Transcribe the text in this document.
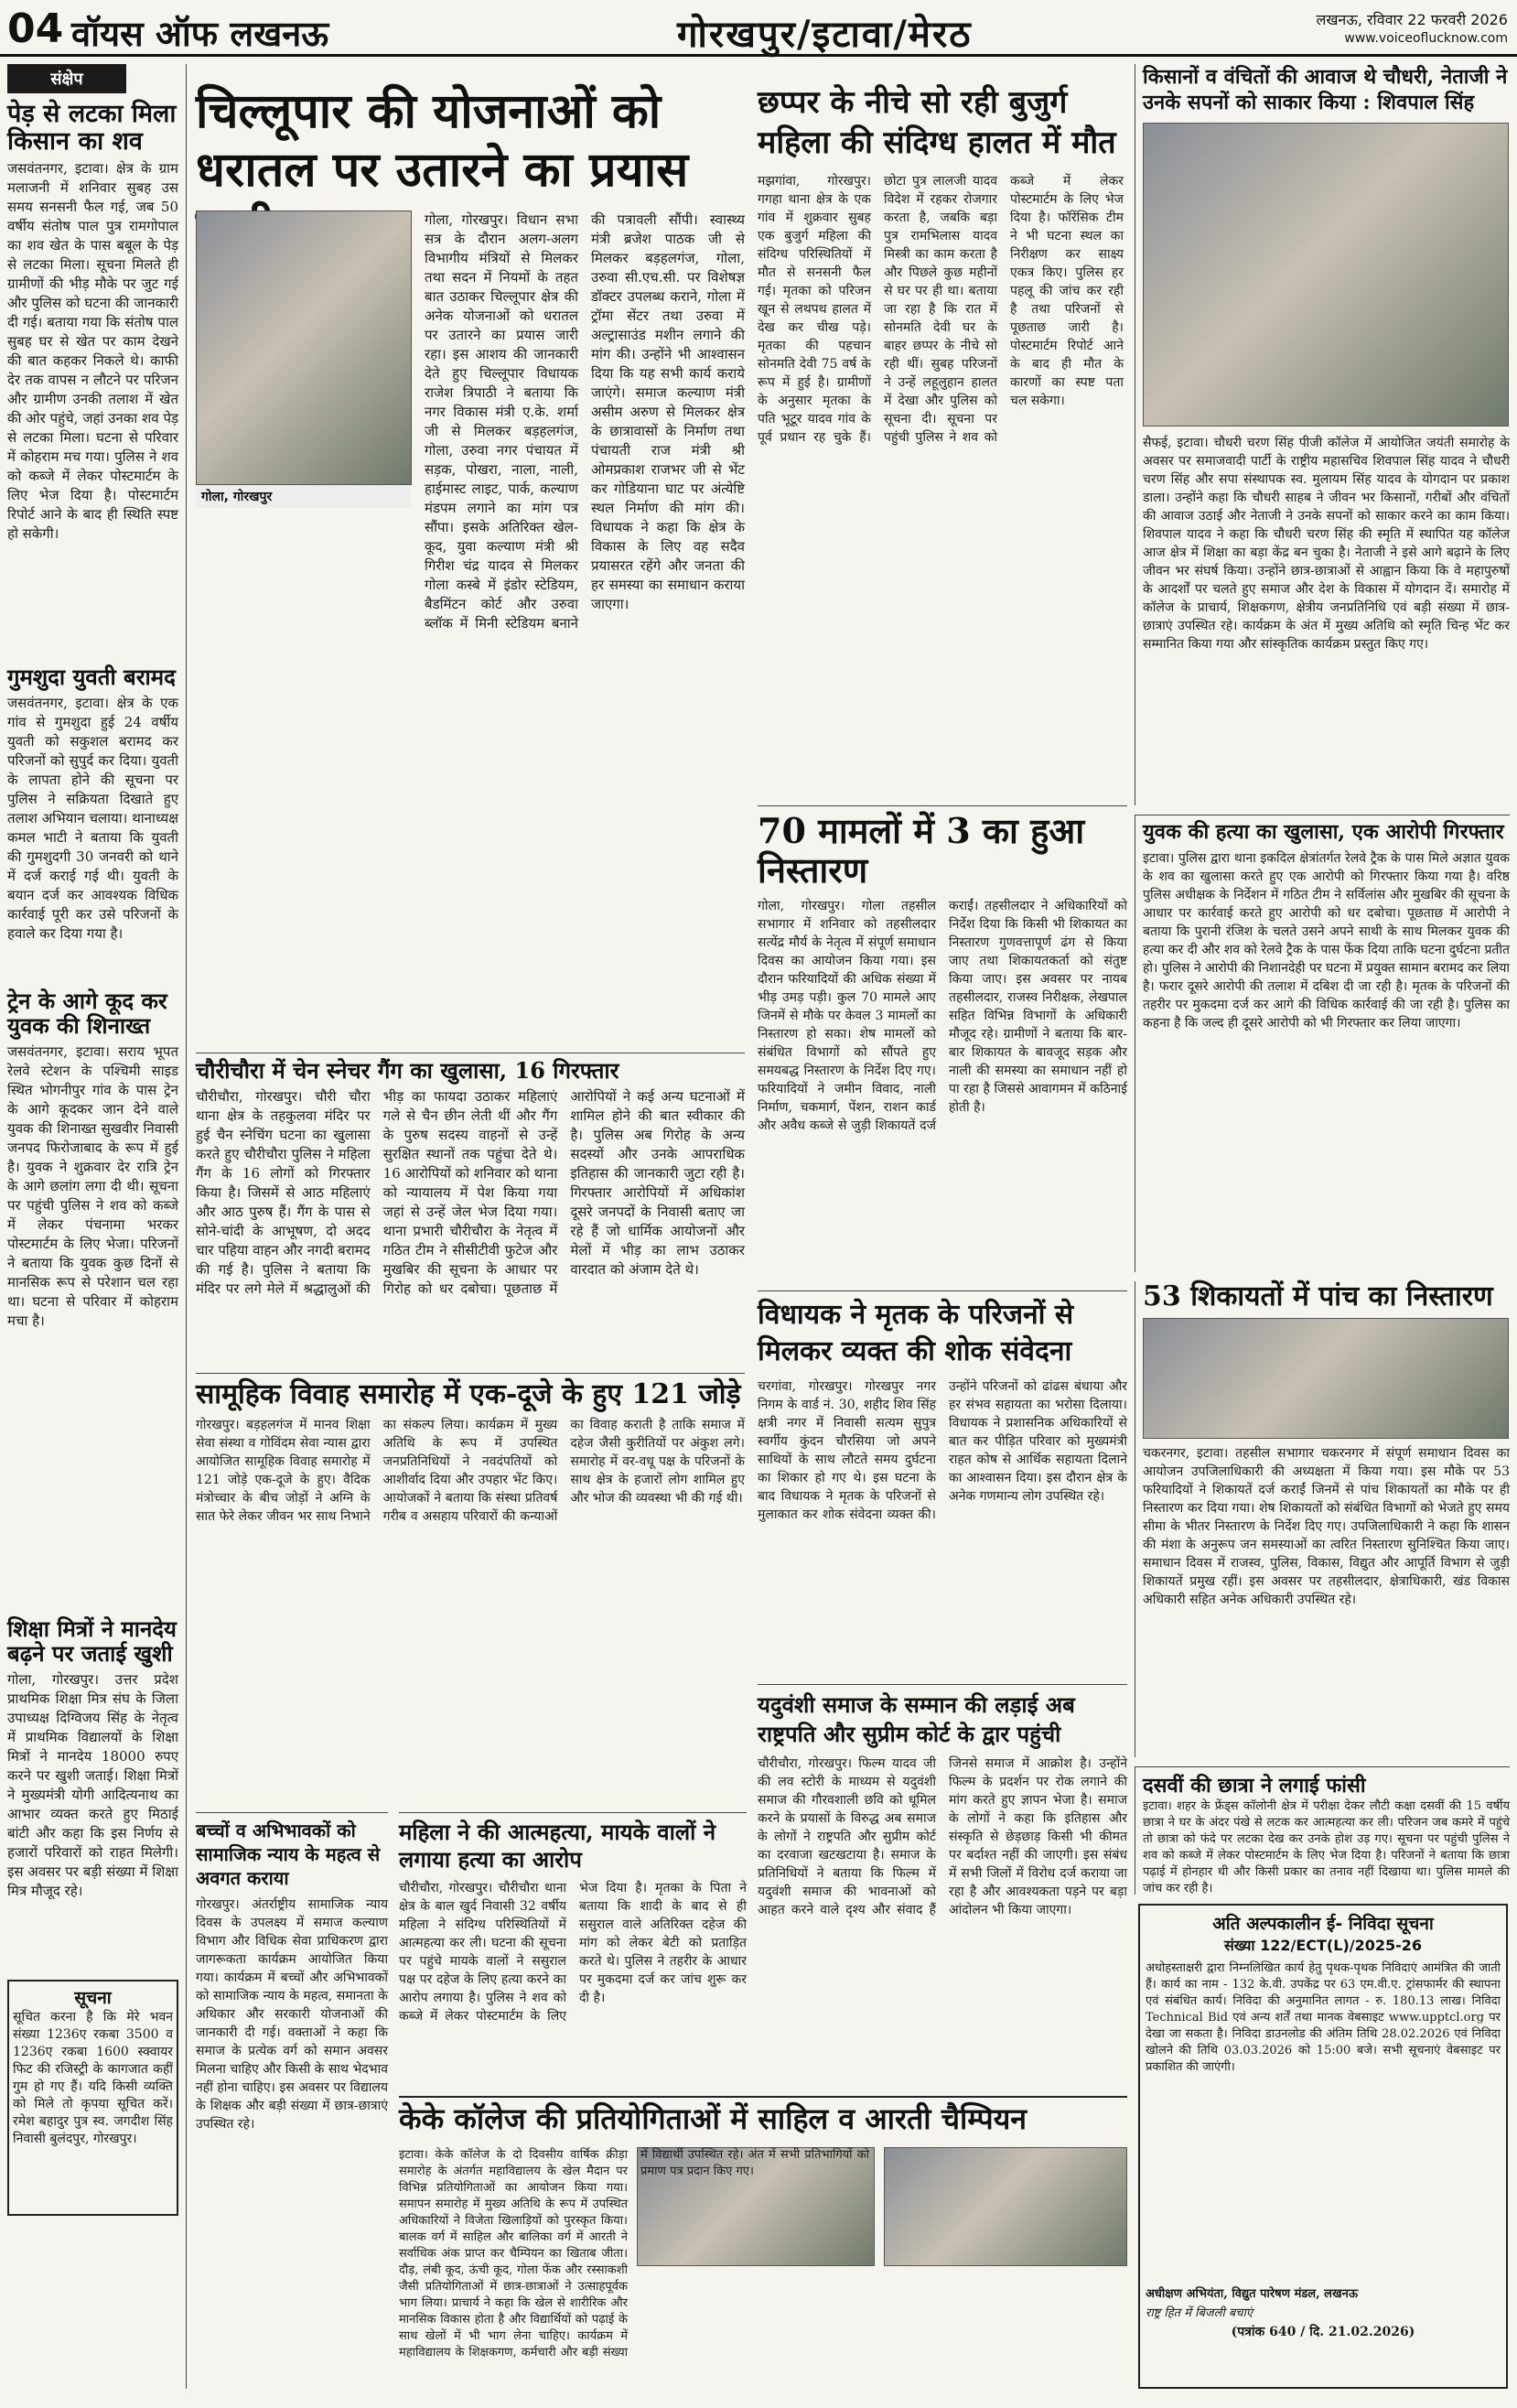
04 वॉयस ऑफ लखनऊ	गोरखपुर/इटावा/मेरठ	लखनऊ, रविवार 22 फरवरी 2026
www.voiceoflucknow.com
संक्षेप
पेड़ से लटका मिला किसान का शव
जसवंतनगर, इटावा। क्षेत्र के ग्राम मलाजनी में शनिवार सुबह उस समय सनसनी फैल गई, जब 50 वर्षीय संतोष पाल पुत्र रामगोपाल का शव खेत के पास बबूल के पेड़ से लटका मिला। सूचना मिलते ही ग्रामीणों की भीड़ मौके पर जुट गई और पुलिस को घटना की जानकारी दी गई। बताया गया कि संतोष पाल सुबह घर से खेत पर काम देखने की बात कहकर निकले थे। काफी देर तक वापस न लौटने पर परिजन और ग्रामीण उनकी तलाश में खेत की ओर पहुंचे, जहां उनका शव पेड़ से लटका मिला। घटना से परिवार में कोहराम मच गया। पुलिस ने शव को कब्जे में लेकर पोस्टमार्टम के लिए भेज दिया है। पोस्टमार्टम रिपोर्ट आने के बाद ही स्थिति स्पष्ट हो सकेगी।
गुमशुदा युवती बरामद
जसवंतनगर, इटावा। क्षेत्र के एक गांव से गुमशुदा हुई 24 वर्षीय युवती को सकुशल बरामद कर परिजनों को सुपुर्द कर दिया। युवती के लापता होने की सूचना पर पुलिस ने सक्रियता दिखाते हुए तलाश अभियान चलाया। थानाध्यक्ष कमल भाटी ने बताया कि युवती की गुमशुदगी 30 जनवरी को थाने में दर्ज कराई गई थी। युवती के बयान दर्ज कर आवश्यक विधिक कार्रवाई पूरी कर उसे परिजनों के हवाले कर दिया गया है।
ट्रेन के आगे कूद कर युवक की शिनाख्त
जसवंतनगर, इटावा। सराय भूपत रेलवे स्टेशन के पश्चिमी साइड स्थित भोगनीपुर गांव के पास ट्रेन के आगे कूदकर जान देने वाले युवक की शिनाख्त सुखवीर निवासी जनपद फिरोजाबाद के रूप में हुई है। युवक ने शुक्रवार देर रात्रि ट्रेन के आगे छलांग लगा दी थी। सूचना पर पहुंची पुलिस ने शव को कब्जे में लेकर पंचनामा भरकर पोस्टमार्टम के लिए भेजा। परिजनों ने बताया कि युवक कुछ दिनों से मानसिक रूप से परेशान चल रहा था। घटना से परिवार में कोहराम मचा है।
शिक्षा मित्रों ने मानदेय बढ़ने पर जताई खुशी
गोला, गोरखपुर। उत्तर प्रदेश प्राथमिक शिक्षा मित्र संघ के जिला उपाध्यक्ष दिग्विजय सिंह के नेतृत्व में प्राथमिक विद्यालयों के शिक्षा मित्रों ने मानदेय 18000 रुपए करने पर खुशी जताई। शिक्षा मित्रों ने मुख्यमंत्री योगी आदित्यनाथ का आभार व्यक्त करते हुए मिठाई बांटी और कहा कि इस निर्णय से हजारों परिवारों को राहत मिलेगी। इस अवसर पर बड़ी संख्या में शिक्षा मित्र मौजूद रहे।
सूचना
सूचित करना है कि मेरे भवन संख्या 1236ए रकबा 3500 व 1236ए रकबा 1600 स्क्वायर फिट की रजिस्ट्री के कागजात कहीं गुम हो गए हैं। यदि किसी व्यक्ति को मिले तो कृपया सूचित करें। रमेश बहादुर पुत्र स्व. जगदीश सिंह निवासी बुलंदपुर, गोरखपुर।
चिल्लूपार की योजनाओं को धरातल पर उतारने का प्रयास
गोला, गोरखपुर
गोला, गोरखपुर। विधान सभा सत्र के दौरान अलग-अलग विभागीय मंत्रियों से मिलकर तथा सदन में नियमों के तहत बात उठाकर चिल्लूपार क्षेत्र की अनेक योजनाओं को धरातल पर उतारने का प्रयास जारी रहा। इस आशय की जानकारी देते हुए चिल्लूपार विधायक राजेश त्रिपाठी ने बताया कि नगर विकास मंत्री ए.के. शर्मा जी से मिलकर बड़हलगंज, गोला, उरुवा नगर पंचायत में सड़क, पोखरा, नाला, नाली, हाईमास्ट लाइट, पार्क, कल्याण मंडपम लगाने का मांग पत्र सौंपा। इसके अतिरिक्त खेल-कूद, युवा कल्याण मंत्री श्री गिरीश चंद्र यादव से मिलकर गोला कस्बे में इंडोर स्टेडियम, बैडमिंटन कोर्ट और उरुवा ब्लॉक में मिनी स्टेडियम बनाने की पत्रावली सौंपी। स्वास्थ्य मंत्री ब्रजेश पाठक जी से मिलकर बड़हलगंज, गोला, उरुवा सी.एच.सी. पर विशेषज्ञ डॉक्टर उपलब्ध कराने, गोला में ट्रॉमा सेंटर तथा उरुवा में अल्ट्रासाउंड मशीन लगाने की मांग की। उन्होंने भी आश्वासन दिया कि यह सभी कार्य कराये जाएंगे। समाज कल्याण मंत्री असीम अरुण से मिलकर क्षेत्र के छात्रावासों के निर्माण तथा पंचायती राज मंत्री श्री ओमप्रकाश राजभर जी से भेंट कर गोडियाना घाट पर अंत्येष्टि स्थल निर्माण की मांग की। विधायक ने कहा कि क्षेत्र के विकास के लिए वह सदैव प्रयासरत रहेंगे और जनता की हर समस्या का समाधान कराया जाएगा।
चौरीचौरा में चेन स्नेचर गैंग का खुलासा, 16 गिरफ्तार
चौरीचौरा, गोरखपुर। चौरी चौरा थाना क्षेत्र के तहकुलवा मंदिर पर हुई चैन स्नेचिंग घटना का खुलासा करते हुए चौरीचौरा पुलिस ने महिला गैंग के 16 लोगों को गिरफ्तार किया है। जिसमें से आठ महिलाएं और आठ पुरुष हैं। गैंग के पास से सोने-चांदी के आभूषण, दो अदद चार पहिया वाहन और नगदी बरामद की गई है। पुलिस ने बताया कि मंदिर पर लगे मेले में श्रद्धालुओं की भीड़ का फायदा उठाकर महिलाएं गले से चैन छीन लेती थीं और गैंग के पुरुष सदस्य वाहनों से उन्हें सुरक्षित स्थानों तक पहुंचा देते थे। 16 आरोपियों को शनिवार को थाना को न्यायालय में पेश किया गया जहां से उन्हें जेल भेज दिया गया। थाना प्रभारी चौरीचौरा के नेतृत्व में गठित टीम ने सीसीटीवी फुटेज और मुखबिर की सूचना के आधार पर गिरोह को धर दबोचा। पूछताछ में आरोपियों ने कई अन्य घटनाओं में शामिल होने की बात स्वीकार की है। पुलिस अब गिरोह के अन्य सदस्यों और उनके आपराधिक इतिहास की जानकारी जुटा रही है। गिरफ्तार आरोपियों में अधिकांश दूसरे जनपदों के निवासी बताए जा रहे हैं जो धार्मिक आयोजनों और मेलों में भीड़ का लाभ उठाकर वारदात को अंजाम देते थे।
छप्पर के नीचे सो रही बुजुर्ग महिला की संदिग्ध हालत में मौत
मझगांवा, गोरखपुर। गगहा थाना क्षेत्र के एक गांव में शुक्रवार सुबह एक बुजुर्ग महिला की संदिग्ध परिस्थितियों में मौत से सनसनी फैल गई। मृतका को परिजन खून से लथपथ हालत में देख कर चीख पड़े। मृतका की पहचान सोनमति देवी 75 वर्ष के रूप में हुई है। ग्रामीणों के अनुसार मृतका के पति भूटूर यादव गांव के पूर्व प्रधान रह चुके हैं। छोटा पुत्र लालजी यादव विदेश में रहकर रोजगार करता है, जबकि बड़ा पुत्र रामभिलास यादव मिस्त्री का काम करता है और पिछले कुछ महीनों से घर पर ही था। बताया जा रहा है कि रात में सोनमति देवी घर के बाहर छप्पर के नीचे सो रही थीं। सुबह परिजनों ने उन्हें लहूलुहान हालत में देखा और पुलिस को सूचना दी। सूचना पर पहुंची पुलिस ने शव को कब्जे में लेकर पोस्टमार्टम के लिए भेज दिया है। फॉरेंसिक टीम ने भी घटना स्थल का निरीक्षण कर साक्ष्य एकत्र किए। पुलिस हर पहलू की जांच कर रही है तथा परिजनों से पूछताछ जारी है। पोस्टमार्टम रिपोर्ट आने के बाद ही मौत के कारणों का स्पष्ट पता चल सकेगा।
किसानों व वंचितों की आवाज थे चौधरी, नेताजी ने उनके सपनों को साकार किया : शिवपाल सिंह
सैफई, इटावा। चौधरी चरण सिंह पीजी कॉलेज में आयोजित जयंती समारोह के अवसर पर समाजवादी पार्टी के राष्ट्रीय महासचिव शिवपाल सिंह यादव ने चौधरी चरण सिंह और सपा संस्थापक स्व. मुलायम सिंह यादव के योगदान पर प्रकाश डाला। उन्होंने कहा कि चौधरी साहब ने जीवन भर किसानों, गरीबों और वंचितों की आवाज उठाई और नेताजी ने उनके सपनों को साकार करने का काम किया। शिवपाल यादव ने कहा कि चौधरी चरण सिंह की स्मृति में स्थापित यह कॉलेज आज क्षेत्र में शिक्षा का बड़ा केंद्र बन चुका है। नेताजी ने इसे आगे बढ़ाने के लिए जीवन भर संघर्ष किया। उन्होंने छात्र-छात्राओं से आह्वान किया कि वे महापुरुषों के आदर्शों पर चलते हुए समाज और देश के विकास में योगदान दें। समारोह में कॉलेज के प्राचार्य, शिक्षकगण, क्षेत्रीय जनप्रतिनिधि एवं बड़ी संख्या में छात्र-छात्राएं उपस्थित रहे। कार्यक्रम के अंत में मुख्य अतिथि को स्मृति चिन्ह भेंट कर सम्मानित किया गया और सांस्कृतिक कार्यक्रम प्रस्तुत किए गए।
70 मामलों में 3 का हुआ निस्तारण
गोला, गोरखपुर। गोला तहसील सभागार में शनिवार को तहसीलदार सत्येंद्र मौर्य के नेतृत्व में संपूर्ण समाधान दिवस का आयोजन किया गया। इस दौरान फरियादियों की अधिक संख्या में भीड़ उमड़ पड़ी। कुल 70 मामले आए जिनमें से मौके पर केवल 3 मामलों का निस्तारण हो सका। शेष मामलों को संबंधित विभागों को सौंपते हुए समयबद्ध निस्तारण के निर्देश दिए गए। फरियादियों ने जमीन विवाद, नाली निर्माण, चकमार्ग, पेंशन, राशन कार्ड और अवैध कब्जे से जुड़ी शिकायतें दर्ज कराईं। तहसीलदार ने अधिकारियों को निर्देश दिया कि किसी भी शिकायत का निस्तारण गुणवत्तापूर्ण ढंग से किया जाए तथा शिकायतकर्ता को संतुष्ट किया जाए। इस अवसर पर नायब तहसीलदार, राजस्व निरीक्षक, लेखपाल सहित विभिन्न विभागों के अधिकारी मौजूद रहे। ग्रामीणों ने बताया कि बार-बार शिकायत के बावजूद सड़क और नाली की समस्या का समाधान नहीं हो पा रहा है जिससे आवागमन में कठिनाई होती है।
विधायक ने मृतक के परिजनों से मिलकर व्यक्त की शोक संवेदना
चरगांवा, गोरखपुर। गोरखपुर नगर निगम के वार्ड नं. 30, शहीद शिव सिंह क्षत्री नगर में निवासी सत्यम सुपुत्र स्वर्गीय कुंदन चौरसिया जो अपने साथियों के साथ लौटते समय दुर्घटना का शिकार हो गए थे। इस घटना के बाद विधायक ने मृतक के परिजनों से मुलाकात कर शोक संवेदना व्यक्त की। उन्होंने परिजनों को ढांढस बंधाया और हर संभव सहायता का भरोसा दिलाया। विधायक ने प्रशासनिक अधिकारियों से बात कर पीड़ित परिवार को मुख्यमंत्री राहत कोष से आर्थिक सहायता दिलाने का आश्वासन दिया। इस दौरान क्षेत्र के अनेक गणमान्य लोग उपस्थित रहे।
युवक की हत्या का खुलासा, एक आरोपी गिरफ्तार
इटावा। पुलिस द्वारा थाना इकदिल क्षेत्रांतर्गत रेलवे ट्रैक के पास मिले अज्ञात युवक के शव का खुलासा करते हुए एक आरोपी को गिरफ्तार किया गया है। वरिष्ठ पुलिस अधीक्षक के निर्देशन में गठित टीम ने सर्विलांस और मुखबिर की सूचना के आधार पर कार्रवाई करते हुए आरोपी को धर दबोचा। पूछताछ में आरोपी ने बताया कि पुरानी रंजिश के चलते उसने अपने साथी के साथ मिलकर युवक की हत्या कर दी और शव को रेलवे ट्रैक के पास फेंक दिया ताकि घटना दुर्घटना प्रतीत हो। पुलिस ने आरोपी की निशानदेही पर घटना में प्रयुक्त सामान बरामद कर लिया है। फरार दूसरे आरोपी की तलाश में दबिश दी जा रही है। मृतक के परिजनों की तहरीर पर मुकदमा दर्ज कर आगे की विधिक कार्रवाई की जा रही है। पुलिस का कहना है कि जल्द ही दूसरे आरोपी को भी गिरफ्तार कर लिया जाएगा।
53 शिकायतों में पांच का निस्तारण
चकरनगर, इटावा। तहसील सभागार चकरनगर में संपूर्ण समाधान दिवस का आयोजन उपजिलाधिकारी की अध्यक्षता में किया गया। इस मौके पर 53 फरियादियों ने शिकायतें दर्ज कराईं जिनमें से पांच शिकायतों का मौके पर ही निस्तारण कर दिया गया। शेष शिकायतों को संबंधित विभागों को भेजते हुए समय सीमा के भीतर निस्तारण के निर्देश दिए गए। उपजिलाधिकारी ने कहा कि शासन की मंशा के अनुरूप जन समस्याओं का त्वरित निस्तारण सुनिश्चित किया जाए। समाधान दिवस में राजस्व, पुलिस, विकास, विद्युत और आपूर्ति विभाग से जुड़ी शिकायतें प्रमुख रहीं। इस अवसर पर तहसीलदार, क्षेत्राधिकारी, खंड विकास अधिकारी सहित अनेक अधिकारी उपस्थित रहे।
सामूहिक विवाह समारोह में एक-दूजे के हुए 121 जोड़े
गोरखपुर। बड़हलगंज में मानव शिक्षा सेवा संस्था व गोविंदम सेवा न्यास द्वारा आयोजित सामूहिक विवाह समारोह में 121 जोड़े एक-दूजे के हुए। वैदिक मंत्रोच्चार के बीच जोड़ों ने अग्नि के सात फेरे लेकर जीवन भर साथ निभाने का संकल्प लिया। कार्यक्रम में मुख्य अतिथि के रूप में उपस्थित जनप्रतिनिधियों ने नवदंपतियों को आशीर्वाद दिया और उपहार भेंट किए। आयोजकों ने बताया कि संस्था प्रतिवर्ष गरीब व असहाय परिवारों की कन्याओं का विवाह कराती है ताकि समाज में दहेज जैसी कुरीतियों पर अंकुश लगे। समारोह में वर-वधू पक्ष के परिजनों के साथ क्षेत्र के हजारों लोग शामिल हुए और भोज की व्यवस्था भी की गई थी।
यदुवंशी समाज के सम्मान की लड़ाई अब राष्ट्रपति और सुप्रीम कोर्ट के द्वार पहुंची
चौरीचौरा, गोरखपुर। फिल्म यादव जी की लव स्टोरी के माध्यम से यदुवंशी समाज की गौरवशाली छवि को धूमिल करने के प्रयासों के विरुद्ध अब समाज के लोगों ने राष्ट्रपति और सुप्रीम कोर्ट का दरवाजा खटखटाया है। समाज के प्रतिनिधियों ने बताया कि फिल्म में यदुवंशी समाज की भावनाओं को आहत करने वाले दृश्य और संवाद हैं जिनसे समाज में आक्रोश है। उन्होंने फिल्म के प्रदर्शन पर रोक लगाने की मांग करते हुए ज्ञापन भेजा है। समाज के लोगों ने कहा कि इतिहास और संस्कृति से छेड़छाड़ किसी भी कीमत पर बर्दाश्त नहीं की जाएगी। इस संबंध में सभी जिलों में विरोध दर्ज कराया जा रहा है और आवश्यकता पड़ने पर बड़ा आंदोलन भी किया जाएगा।
महिला ने की आत्महत्या, मायके वालों ने लगाया हत्या का आरोप
चौरीचौरा, गोरखपुर। चौरीचौरा थाना क्षेत्र के बाल खुर्द निवासी 32 वर्षीय महिला ने संदिग्ध परिस्थितियों में आत्महत्या कर ली। घटना की सूचना पर पहुंचे मायके वालों ने ससुराल पक्ष पर दहेज के लिए हत्या करने का आरोप लगाया है। पुलिस ने शव को कब्जे में लेकर पोस्टमार्टम के लिए भेज दिया है। मृतका के पिता ने बताया कि शादी के बाद से ही ससुराल वाले अतिरिक्त दहेज की मांग को लेकर बेटी को प्रताड़ित करते थे। पुलिस ने तहरीर के आधार पर मुकदमा दर्ज कर जांच शुरू कर दी है।
बच्चों व अभिभावकों को सामाजिक न्याय के महत्व से अवगत कराया
गोरखपुर। अंतर्राष्ट्रीय सामाजिक न्याय दिवस के उपलक्ष्य में समाज कल्याण विभाग और विधिक सेवा प्राधिकरण द्वारा जागरूकता कार्यक्रम आयोजित किया गया। कार्यक्रम में बच्चों और अभिभावकों को सामाजिक न्याय के महत्व, समानता के अधिकार और सरकारी योजनाओं की जानकारी दी गई। वक्ताओं ने कहा कि समाज के प्रत्येक वर्ग को समान अवसर मिलना चाहिए और किसी के साथ भेदभाव नहीं होना चाहिए। इस अवसर पर विद्यालय के शिक्षक और बड़ी संख्या में छात्र-छात्राएं उपस्थित रहे।	केके कॉलेज की प्रतियोगिताओं में साहिल व आरती चैम्पियन
इटावा। केके कॉलेज के दो दिवसीय वार्षिक क्रीड़ा समारोह के अंतर्गत महाविद्यालय के खेल मैदान पर विभिन्न प्रतियोगिताओं का आयोजन किया गया। समापन समारोह में मुख्य अतिथि के रूप में उपस्थित अधिकारियों ने विजेता खिलाड़ियों को पुरस्कृत किया। बालक वर्ग में साहिल और बालिका वर्ग में आरती ने सर्वाधिक अंक प्राप्त कर चैम्पियन का खिताब जीता। दौड़, लंबी कूद, ऊंची कूद, गोला फेंक और रस्साकशी जैसी प्रतियोगिताओं में छात्र-छात्राओं ने उत्साहपूर्वक भाग लिया। प्राचार्य ने कहा कि खेल से शारीरिक और मानसिक विकास होता है और विद्यार्थियों को पढ़ाई के साथ खेलों में भी भाग लेना चाहिए। कार्यक्रम में महाविद्यालय के शिक्षकगण, कर्मचारी और बड़ी संख्या
दसवीं की छात्रा ने लगाई फांसी
इटावा। शहर के फ्रेंड्स कॉलोनी क्षेत्र में परीक्षा देकर लौटी कक्षा दसवीं की 15 वर्षीय छात्रा ने घर के अंदर पंखे से लटक कर आत्महत्या कर ली। परिजन जब कमरे में पहुंचे तो छात्रा को फंदे पर लटका देख कर उनके होश उड़ गए। सूचना पर पहुंची पुलिस ने शव को कब्जे में लेकर पोस्टमार्टम के लिए भेज दिया है। परिजनों ने बताया कि छात्रा पढ़ाई में होनहार थी और किसी प्रकार का तनाव नहीं दिखाया था। पुलिस मामले की जांच कर रही है।
अति अल्पकालीन ई- निविदा सूचना
संख्या 122/ECT(L)/2025-26
अधोहस्ताक्षरी द्वारा निम्नलिखित कार्य हेतु पृथक-पृथक निविदाएं आमंत्रित की जाती हैं। कार्य का नाम - 132 के.वी. उपकेंद्र पर 63 एम.वी.ए. ट्रांसफार्मर की स्थापना एवं संबंधित कार्य। निविदा की अनुमानित लागत - रु. 180.13 लाख। निविदा Technical Bid एवं अन्य शर्तें तथा मानक वेबसाइट www.upptcl.org पर देखा जा सकता है। निविदा डाउनलोड की अंतिम तिथि 28.02.2026 एवं निविदा खोलने की तिथि 03.03.2026 को 15:00 बजे। सभी सूचनाएं वेबसाइट पर प्रकाशित की जाएंगी।
अधीक्षण अभियंता, विद्युत पारेषण मंडल, लखनऊ
राष्ट्र हित में बिजली बचाएं
(पत्रांक 640 / दि. 21.02.2026)
